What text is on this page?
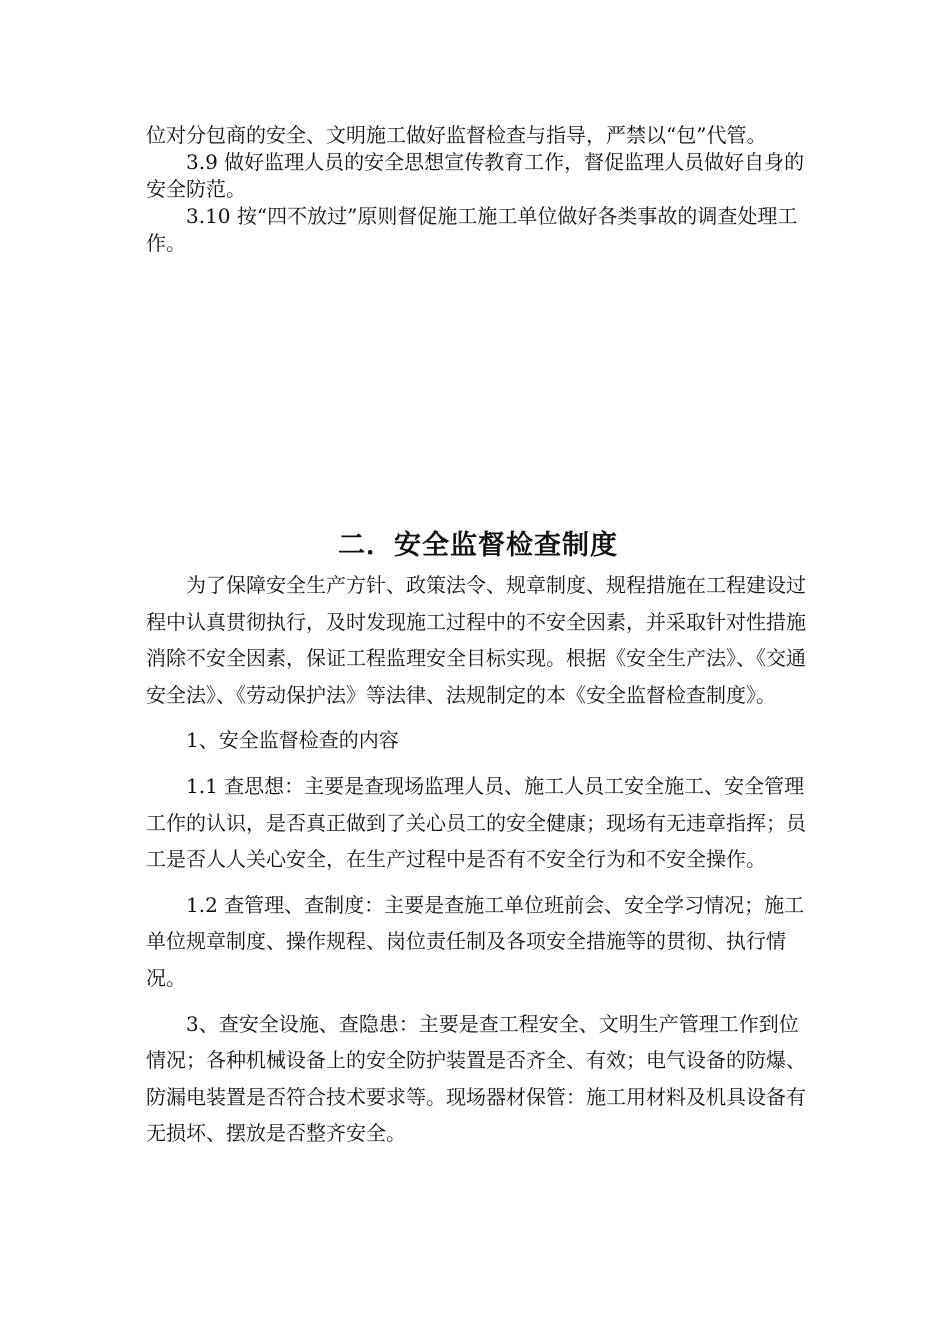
位对分包商的安全、文明施工做好监督检查与指导，严禁以“包”代管。

3.9 做好监理人员的安全思想宣传教育工作，督促监理人员做好自身的安全防范。

3.10 按“四不放过”原则督促施工施工单位做好各类事故的调查处理工作。

二．安全监督检查制度

为了保障安全生产方针、政策法令、规章制度、规程措施在工程建设过程中认真贯彻执行，及时发现施工过程中的不安全因素，并采取针对性措施消除不安全因素，保证工程监理安全目标实现。根据《安全生产法》、《交通安全法》、《劳动保护法》等法律、法规制定的本《安全监督检查制度》。

1、安全监督检查的内容

1.1 查思想：主要是查现场监理人员、施工人员工安全施工、安全管理工作的认识，是否真正做到了关心员工的安全健康；现场有无违章指挥；员工是否人人关心安全，在生产过程中是否有不安全行为和不安全操作。

1.2 查管理、查制度：主要是查施工单位班前会、安全学习情况；施工单位规章制度、操作规程、岗位责任制及各项安全措施等的贯彻、执行情况。

3、查安全设施、查隐患：主要是查工程安全、文明生产管理工作到位情况；各种机械设备上的安全防护装置是否齐全、有效；电气设备的防爆、防漏电装置是否符合技术要求等。现场器材保管：施工用材料及机具设备有无损坏、摆放是否整齐安全。
